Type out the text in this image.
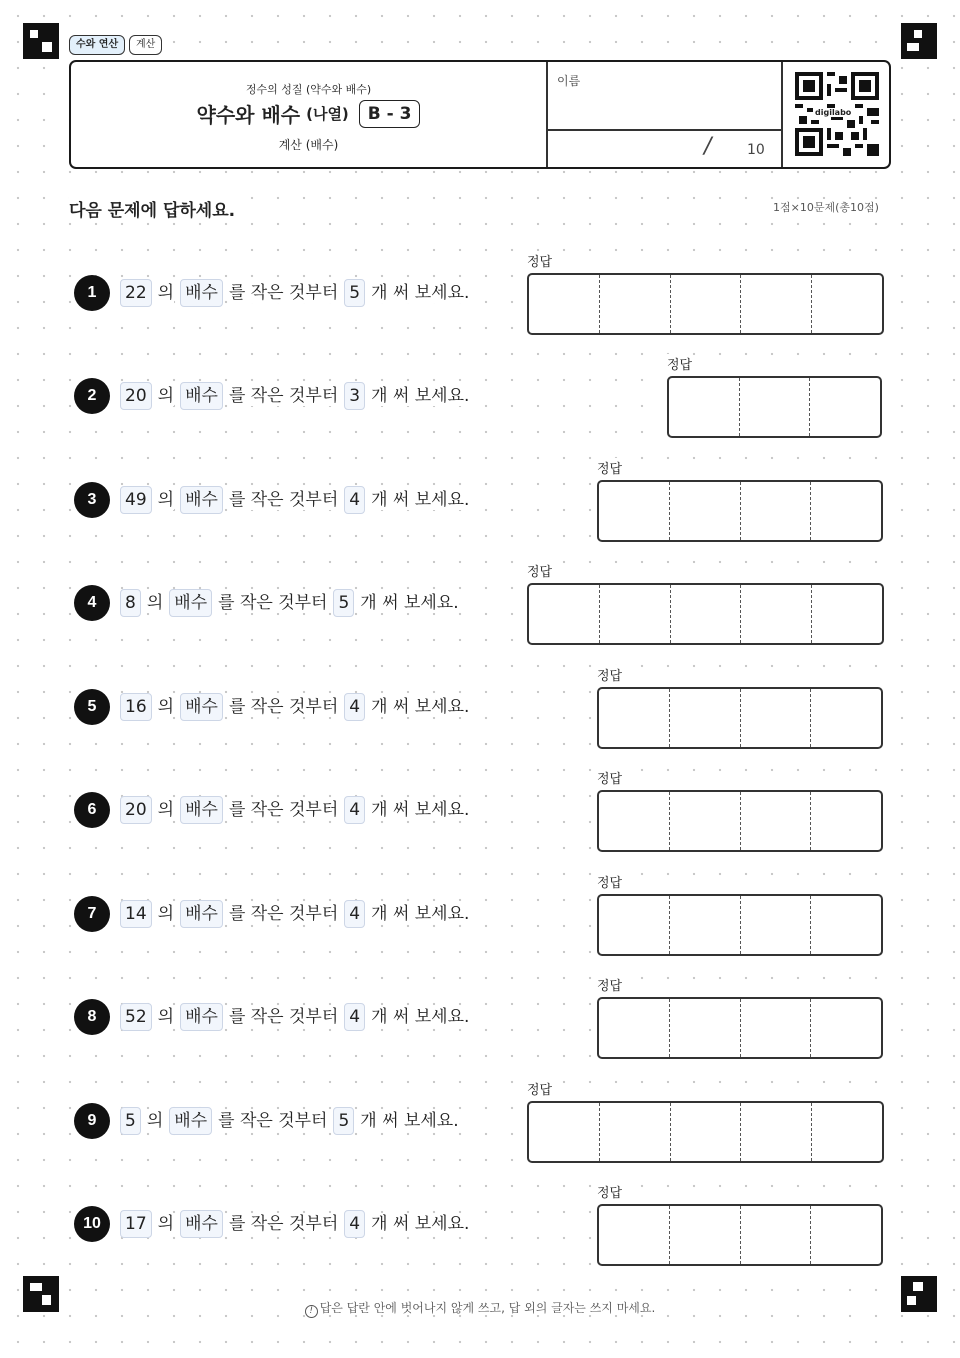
수와 연산	계산
정수의 성질 (약수와 배수)
약수와 배수 (나열)	B - 3
계산 (배수)
이름
/	10
digilabo
다음 문제에 답하세요.	1점×10문제(총10점)
1	22 의 배수 를 작은 것부터 5 개 써 보세요.
정답
2	20 의 배수 를 작은 것부터 3 개 써 보세요.
정답
3	49 의 배수 를 작은 것부터 4 개 써 보세요.
정답
4	8 의 배수 를 작은 것부터 5 개 써 보세요.
정답
5	16 의 배수 를 작은 것부터 4 개 써 보세요.
정답
6	20 의 배수 를 작은 것부터 4 개 써 보세요.
정답
7	14 의 배수 를 작은 것부터 4 개 써 보세요.
정답
8	52 의 배수 를 작은 것부터 4 개 써 보세요.
정답
9	5 의 배수 를 작은 것부터 5 개 써 보세요.
정답
10	17 의 배수 를 작은 것부터 4 개 써 보세요.
정답
! 답은 답란 안에 벗어나지 않게 쓰고, 답 외의 글자는 쓰지 마세요.
